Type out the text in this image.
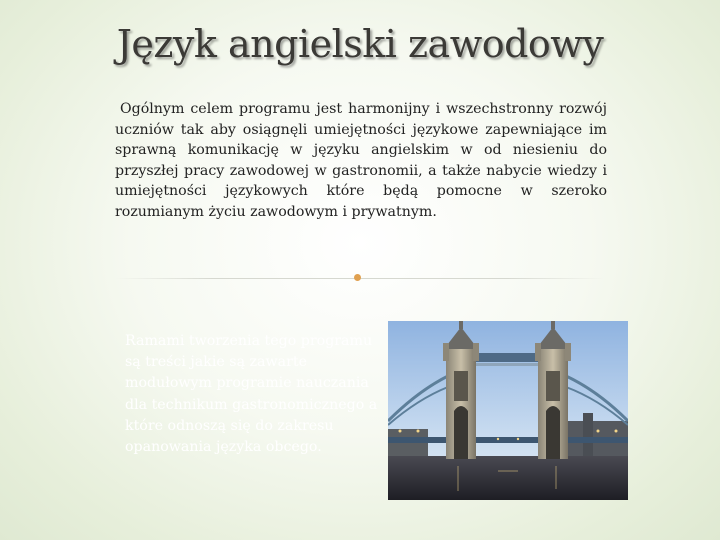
Język angielski zawodowy
Ogólnym celem programu jest harmonijny i wszechstronny rozwój uczniów tak aby osiągnęli umiejętności językowe zapewniające im sprawną komunikację w języku angielskim w od niesieniu do przyszłej pracy zawodowej w gastronomii, a także nabycie wiedzy i umiejętności językowych które będą pomocne w szeroko rozumianym życiu zawodowym i prywatnym.
Ramami tworzenia tego programu są treści jakie są zawarte modułowym programie nauczania dla technikum gastronomicznego a które odnoszą się do zakresu opanowania języka obcego.
